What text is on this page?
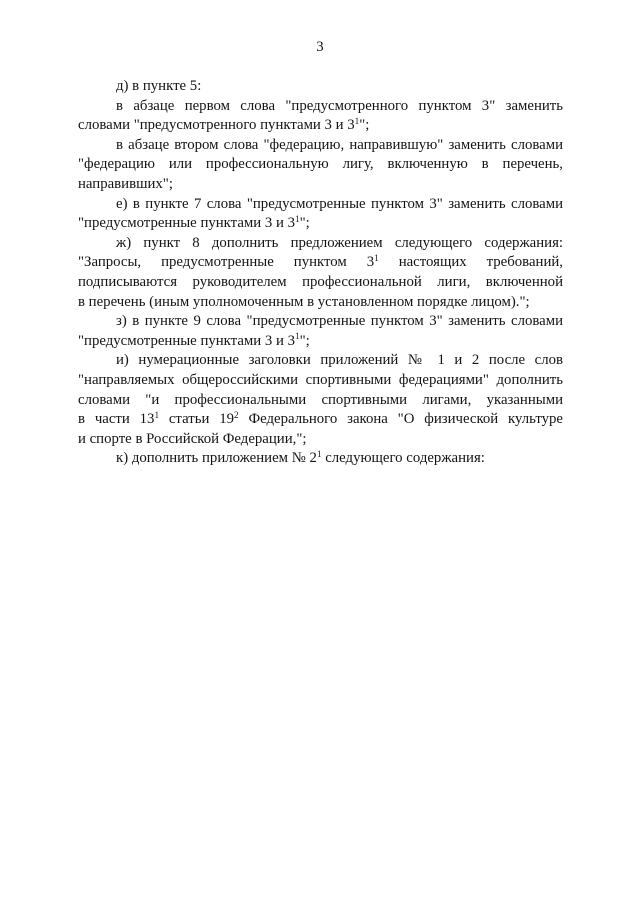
3
д) в пункте 5:
в абзаце первом слова "предусмотренного пунктом 3" заменить
словами "предусмотренного пунктами 3 и $3^1$";
в абзаце втором слова "федерацию, направившую" заменить словами
"федерацию или профессиональную лигу, включенную в перечень,
направивших";
е) в пункте 7 слова "предусмотренные пунктом 3" заменить словами
"предусмотренные пунктами 3 и $3^1$";
ж) пункт 8 дополнить предложением следующего содержания:
"Запросы, предусмотренные пунктом $3^1$ настоящих требований,
подписываются руководителем профессиональной лиги, включенной
в перечень (иным уполномоченным в установленном порядке лицом).";
з) в пункте 9 слова "предусмотренные пунктом 3" заменить словами
"предусмотренные пунктами 3 и $3^1$";
и) нумерационные заголовки приложений № 1 и 2 после слов
"направляемых общероссийскими спортивными федерациями" дополнить
словами "и профессиональными спортивными лигами, указанными
в части $13^1$ статьи $19^2$ Федерального закона "О физической культуре
и спорте в Российской Федерации,";
к) дополнить приложением № $2^1$ следующего содержания:
